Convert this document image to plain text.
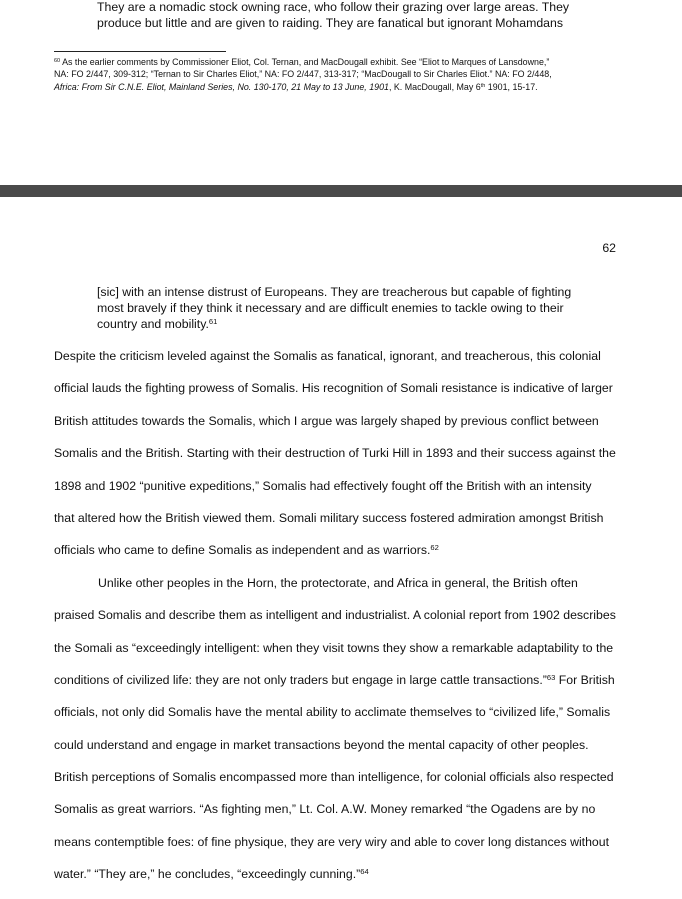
They are a nomadic stock owning race, who follow their grazing over large areas. They

produce but little and are given to raiding. They are fanatical but ignorant Mohamdans

$^{60}$ As the earlier comments by Commissioner Eliot, Col. Ternan, and MacDougall exhibit. See “Eliot to Marques of Lansdowne,”

NA: FO 2/447, 309-312; “Ternan to Sir Charles Eliot,” NA: FO 2/447, 313-317; “MacDougall to Sir Charles Eliot.” NA: FO 2/448,

Africa: From Sir C.N.E. Eliot, Mainland Series, No. 130-170, 21 May to 13 June, 1901, K. MacDougall, May 6th 1901, 15-17.

62

[sic] with an intense distrust of Europeans. They are treacherous but capable of fighting

most bravely if they think it necessary and are difficult enemies to tackle owing to their

country and mobility.$^{61}$

Despite the criticism leveled against the Somalis as fanatical, ignorant, and treacherous, this colonial

official lauds the fighting prowess of Somalis. His recognition of Somali resistance is indicative of larger

British attitudes towards the Somalis, which I argue was largely shaped by previous conflict between

Somalis and the British. Starting with their destruction of Turki Hill in 1893 and their success against the

1898 and 1902 “punitive expeditions,” Somalis had effectively fought off the British with an intensity

that altered how the British viewed them. Somali military success fostered admiration amongst British

officials who came to define Somalis as independent and as warriors.$^{62}$

Unlike other peoples in the Horn, the protectorate, and Africa in general, the British often

praised Somalis and describe them as intelligent and industrialist. A colonial report from 1902 describes

the Somali as “exceedingly intelligent: when they visit towns they show a remarkable adaptability to the

conditions of civilized life: they are not only traders but engage in large cattle transactions.”$^{63}$ For British

officials, not only did Somalis have the mental ability to acclimate themselves to “civilized life,” Somalis

could understand and engage in market transactions beyond the mental capacity of other peoples.

British perceptions of Somalis encompassed more than intelligence, for colonial officials also respected

Somalis as great warriors. “As fighting men,” Lt. Col. A.W. Money remarked “the Ogadens are by no

means contemptible foes: of fine physique, they are very wiry and able to cover long distances without

water.” “They are,” he concludes, “exceedingly cunning.”$^{64}$
